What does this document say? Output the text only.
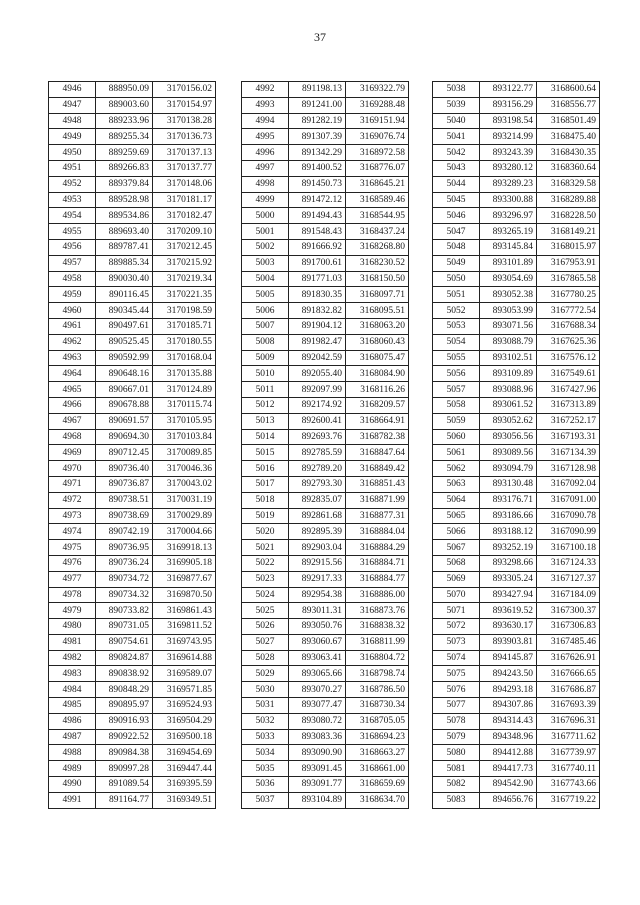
37
4946	888950.09	3170156.02
4947	889003.60	3170154.97
4948	889233.96	3170138.28
4949	889255.34	3170136.73
4950	889259.69	3170137.13
4951	889266.83	3170137.77
4952	889379.84	3170148.06
4953	889528.98	3170181.17
4954	889534.86	3170182.47
4955	889693.40	3170209.10
4956	889787.41	3170212.45
4957	889885.34	3170215.92
4958	890030.40	3170219.34
4959	890116.45	3170221.35
4960	890345.44	3170198.59
4961	890497.61	3170185.71
4962	890525.45	3170180.55
4963	890592.99	3170168.04
4964	890648.16	3170135.88
4965	890667.01	3170124.89
4966	890678.88	3170115.74
4967	890691.57	3170105.95
4968	890694.30	3170103.84
4969	890712.45	3170089.85
4970	890736.40	3170046.36
4971	890736.87	3170043.02
4972	890738.51	3170031.19
4973	890738.69	3170029.89
4974	890742.19	3170004.66
4975	890736.95	3169918.13
4976	890736.24	3169905.18
4977	890734.72	3169877.67
4978	890734.32	3169870.50
4979	890733.82	3169861.43
4980	890731.05	3169811.52
4981	890754.61	3169743.95
4982	890824.87	3169614.88
4983	890838.92	3169589.07
4984	890848.29	3169571.85
4985	890895.97	3169524.93
4986	890916.93	3169504.29
4987	890922.52	3169500.18
4988	890984.38	3169454.69
4989	890997.28	3169447.44
4990	891089.54	3169395.59
4991	891164.77	3169349.51
4992	891198.13	3169322.79
4993	891241.00	3169288.48
4994	891282.19	3169151.94
4995	891307.39	3169076.74
4996	891342.29	3168972.58
4997	891400.52	3168776.07
4998	891450.73	3168645.21
4999	891472.12	3168589.46
5000	891494.43	3168544.95
5001	891548.43	3168437.24
5002	891666.92	3168268.80
5003	891700.61	3168230.52
5004	891771.03	3168150.50
5005	891830.35	3168097.71
5006	891832.82	3168095.51
5007	891904.12	3168063.20
5008	891982.47	3168060.43
5009	892042.59	3168075.47
5010	892055.40	3168084.90
5011	892097.99	3168116.26
5012	892174.92	3168209.57
5013	892600.41	3168664.91
5014	892693.76	3168782.38
5015	892785.59	3168847.64
5016	892789.20	3168849.42
5017	892793.30	3168851.43
5018	892835.07	3168871.99
5019	892861.68	3168877.31
5020	892895.39	3168884.04
5021	892903.04	3168884.29
5022	892915.56	3168884.71
5023	892917.33	3168884.77
5024	892954.38	3168886.00
5025	893011.31	3168873.76
5026	893050.76	3168838.32
5027	893060.67	3168811.99
5028	893063.41	3168804.72
5029	893065.66	3168798.74
5030	893070.27	3168786.50
5031	893077.47	3168730.34
5032	893080.72	3168705.05
5033	893083.36	3168694.23
5034	893090.90	3168663.27
5035	893091.45	3168661.00
5036	893091.77	3168659.69
5037	893104.89	3168634.70
5038	893122.77	3168600.64
5039	893156.29	3168556.77
5040	893198.54	3168501.49
5041	893214.99	3168475.40
5042	893243.39	3168430.35
5043	893280.12	3168360.64
5044	893289.23	3168329.58
5045	893300.88	3168289.88
5046	893296.97	3168228.50
5047	893265.19	3168149.21
5048	893145.84	3168015.97
5049	893101.89	3167953.91
5050	893054.69	3167865.58
5051	893052.38	3167780.25
5052	893053.99	3167772.54
5053	893071.56	3167688.34
5054	893088.79	3167625.36
5055	893102.51	3167576.12
5056	893109.89	3167549.61
5057	893088.96	3167427.96
5058	893061.52	3167313.89
5059	893052.62	3167252.17
5060	893056.56	3167193.31
5061	893089.56	3167134.39
5062	893094.79	3167128.98
5063	893130.48	3167092.04
5064	893176.71	3167091.00
5065	893186.66	3167090.78
5066	893188.12	3167090.99
5067	893252.19	3167100.18
5068	893298.66	3167124.33
5069	893305.24	3167127.37
5070	893427.94	3167184.09
5071	893619.52	3167300.37
5072	893630.17	3167306.83
5073	893903.81	3167485.46
5074	894145.87	3167626.91
5075	894243.50	3167666.65
5076	894293.18	3167686.87
5077	894307.86	3167693.39
5078	894314.43	3167696.31
5079	894348.96	3167711.62
5080	894412.88	3167739.97
5081	894417.73	3167740.11
5082	894542.90	3167743.66
5083	894656.76	3167719.22
